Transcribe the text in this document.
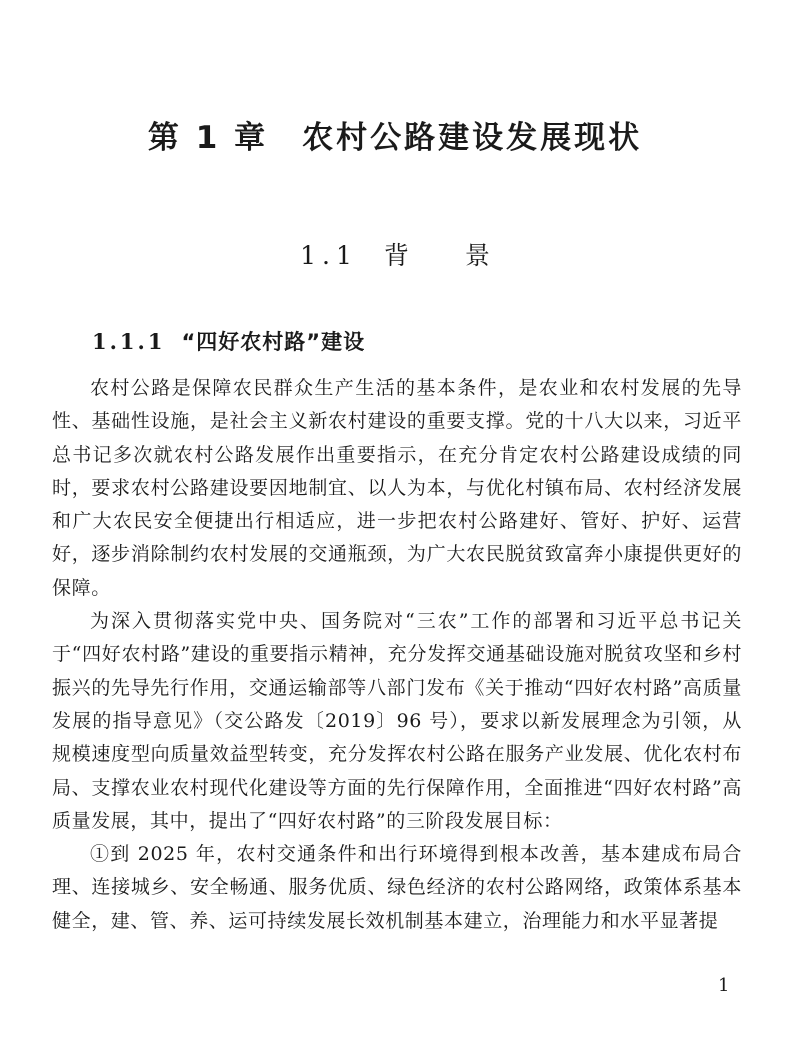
第 1 章 农村公路建设发展现状
1.1 背 景
1.1.1 “四好农村路”建设

农村公路是保障农民群众生产生活的基本条件，是农业和农村发展的先导性、基础性设施，是社会主义新农村建设的重要支撑。党的十八大以来，习近平总书记多次就农村公路发展作出重要指示，在充分肯定农村公路建设成绩的同时，要求农村公路建设要因地制宜、以人为本，与优化村镇布局、农村经济发展和广大农民安全便捷出行相适应，进一步把农村公路建好、管好、护好、运营好，逐步消除制约农村发展的交通瓶颈，为广大农民脱贫致富奔小康提供更好的保障。

为深入贯彻落实党中央、国务院对“三农”工作的部署和习近平总书记关于“四好农村路”建设的重要指示精神，充分发挥交通基础设施对脱贫攻坚和乡村振兴的先导先行作用，交通运输部等八部门发布《关于推动“四好农村路”高质量发展的指导意见》（交公路发〔2019〕96 号），要求以新发展理念为引领，从规模速度型向质量效益型转变，充分发挥农村公路在服务产业发展、优化农村布局、支撑农业农村现代化建设等方面的先行保障作用，全面推进“四好农村路”高质量发展，其中，提出了“四好农村路”的三阶段发展目标：

①到 2025 年，农村交通条件和出行环境得到根本改善，基本建成布局合理、连接城乡、安全畅通、服务优质、绿色经济的农村公路网络，政策体系基本健全，建、管、养、运可持续发展长效机制基本建立，治理能力和水平显著提

1
